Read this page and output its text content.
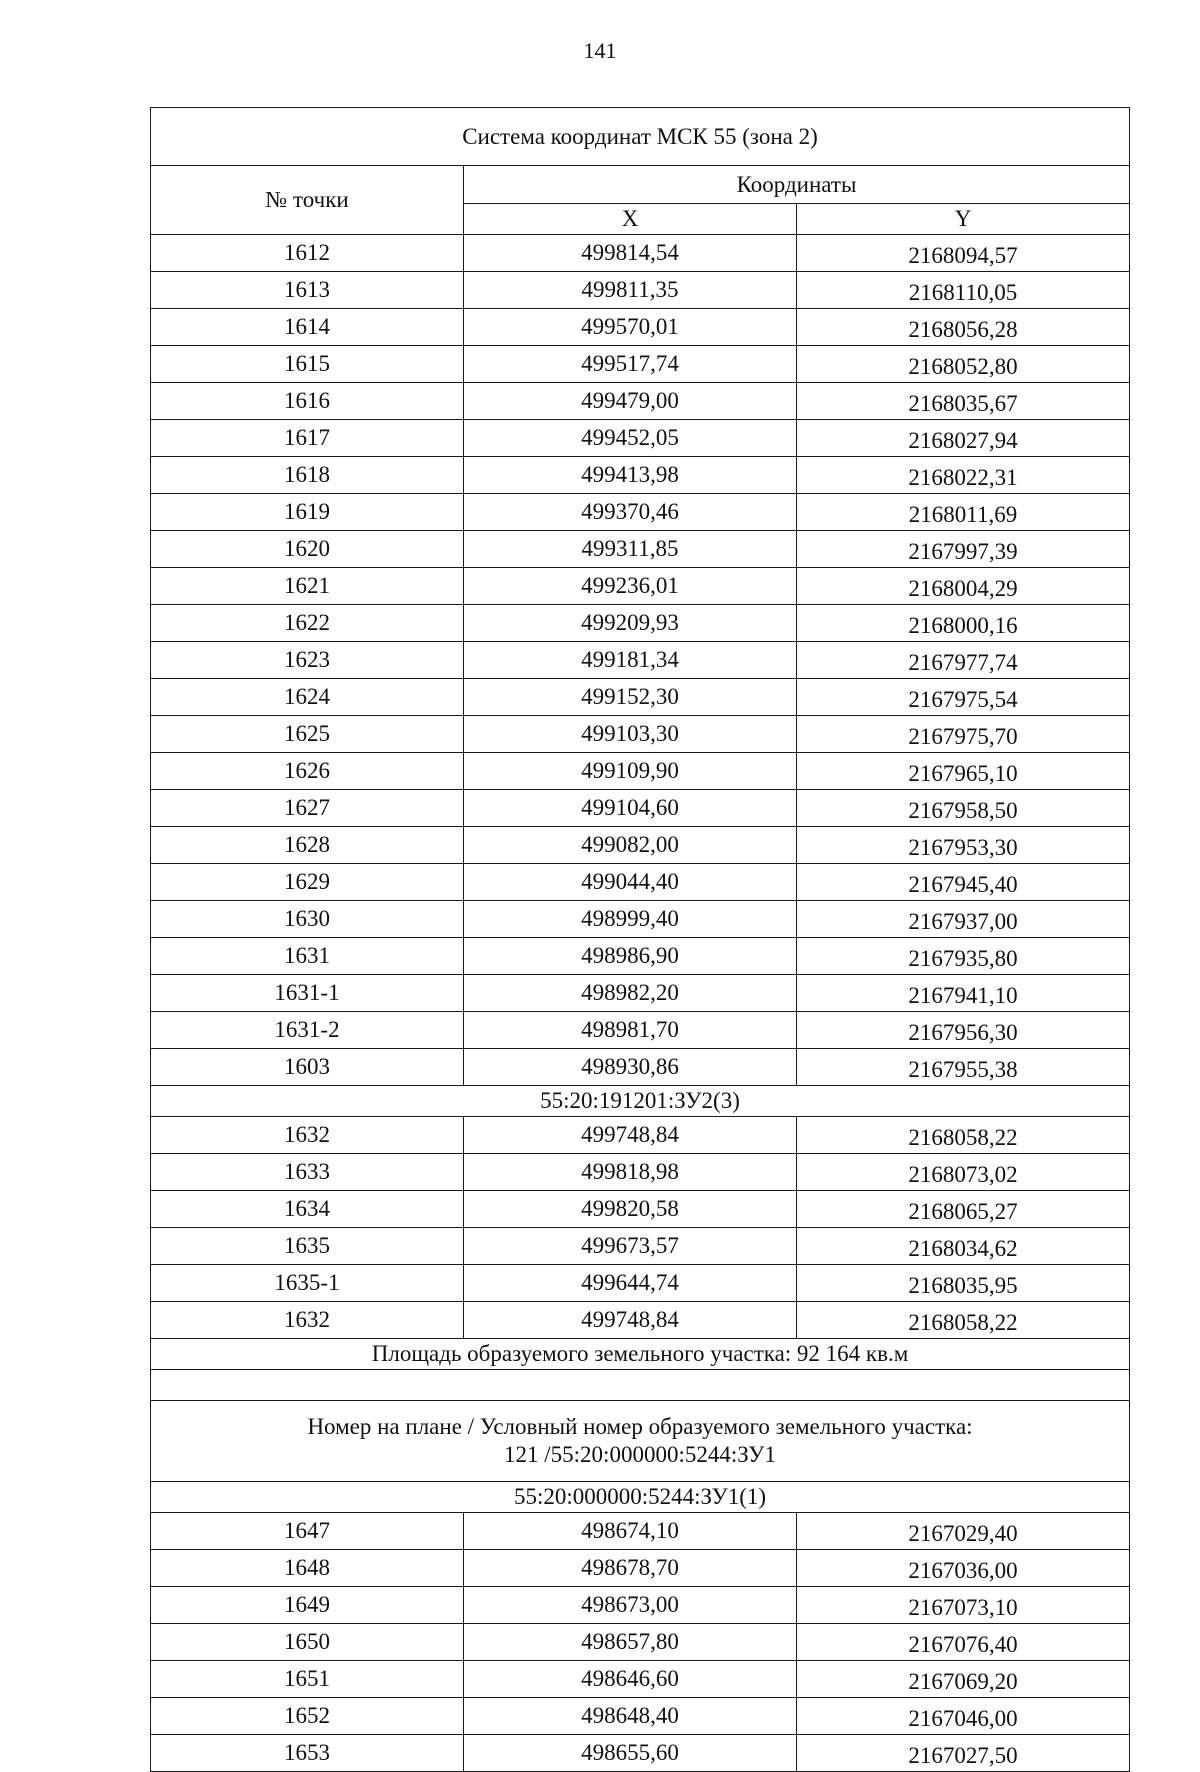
141
Система координат МСК 55 (зона 2)		
№ точки	Координаты	
	X	Y
1612	499814,54	2168094,57
1613	499811,35	2168110,05
1614	499570,01	2168056,28
1615	499517,74	2168052,80
1616	499479,00	2168035,67
1617	499452,05	2168027,94
1618	499413,98	2168022,31
1619	499370,46	2168011,69
1620	499311,85	2167997,39
1621	499236,01	2168004,29
1622	499209,93	2168000,16
1623	499181,34	2167977,74
1624	499152,30	2167975,54
1625	499103,30	2167975,70
1626	499109,90	2167965,10
1627	499104,60	2167958,50
1628	499082,00	2167953,30
1629	499044,40	2167945,40
1630	498999,40	2167937,00
1631	498986,90	2167935,80
1631-1	498982,20	2167941,10
1631-2	498981,70	2167956,30
1603	498930,86	2167955,38
55:20:191201:ЗУ2(3)		
1632	499748,84	2168058,22
1633	499818,98	2168073,02
1634	499820,58	2168065,27
1635	499673,57	2168034,62
1635-1	499644,74	2168035,95
1632	499748,84	2168058,22
Площадь образуемого земельного участка: 92 164 кв.м		

Номер на плане / Условный номер образуемого земельного участка:
121 /55:20:000000:5244:ЗУ1		

55:20:000000:5244:ЗУ1(1)		
1647	498674,10	2167029,40
1648	498678,70	2167036,00
1649	498673,00	2167073,10
1650	498657,80	2167076,40
1651	498646,60	2167069,20
1652	498648,40	2167046,00
1653	498655,60	2167027,50
